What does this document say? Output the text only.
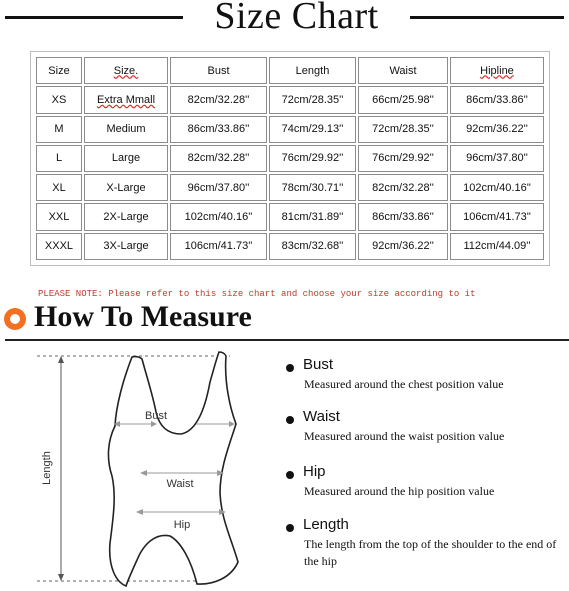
Size Chart
Size	Size.	Bust	Length	Waist	Hipline
XS	Extra Mmall	82cm/32.28''	72cm/28.35''	66cm/25.98''	86cm/33.86''
M	Medium	86cm/33.86''	74cm/29.13''	72cm/28.35''	92cm/36.22''
L	Large	82cm/32.28''	76cm/29.92''	76cm/29.92''	96cm/37.80''
XL	X-Large	96cm/37.80''	78cm/30.71''	82cm/32.28''	102cm/40.16''
XXL	2X-Large	102cm/40.16''	81cm/31.89''	86cm/33.86''	106cm/41.73''
XXXL	3X-Large	106cm/41.73''	83cm/32.68''	92cm/36.22''	112cm/44.09''
PLEASE NOTE: Please refer to this size chart and choose your size according to it
How To Measure
Length
Bust
Waist
Hip
Bust
Measured around the chest position value
Waist
Measured around the waist position value
Hip
Measured around the hip position value
Length
The length from the top of the shoulder to the end of the hip
